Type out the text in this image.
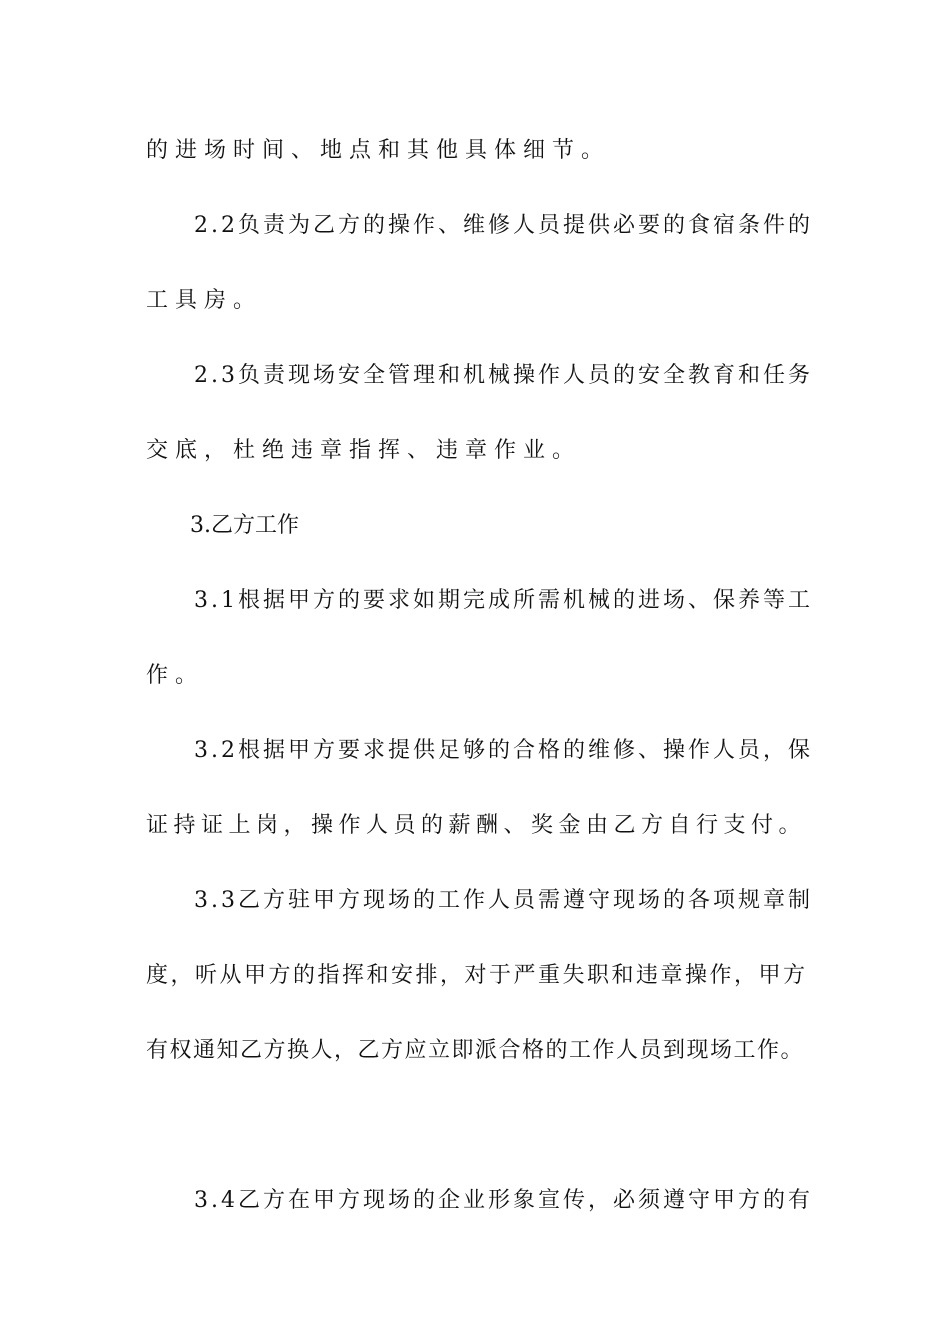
的进场时间、地点和其他具体细节。
2.2负责为乙方的操作、维修人员提供必要的食宿条件的
工具房。
2.3负责现场安全管理和机械操作人员的安全教育和任务
交底，杜绝违章指挥、违章作业。
3.乙方工作
3.1根据甲方的要求如期完成所需机械的进场、保养等工
作。
3.2根据甲方要求提供足够的合格的维修、操作人员，保
证持证上岗，操作人员的薪酬、奖金由乙方自行支付。
3.3乙方驻甲方现场的工作人员需遵守现场的各项规章制
度，听从甲方的指挥和安排，对于严重失职和违章操作，甲方
有权通知乙方换人，乙方应立即派合格的工作人员到现场工作。
3.4乙方在甲方现场的企业形象宣传，必须遵守甲方的有
